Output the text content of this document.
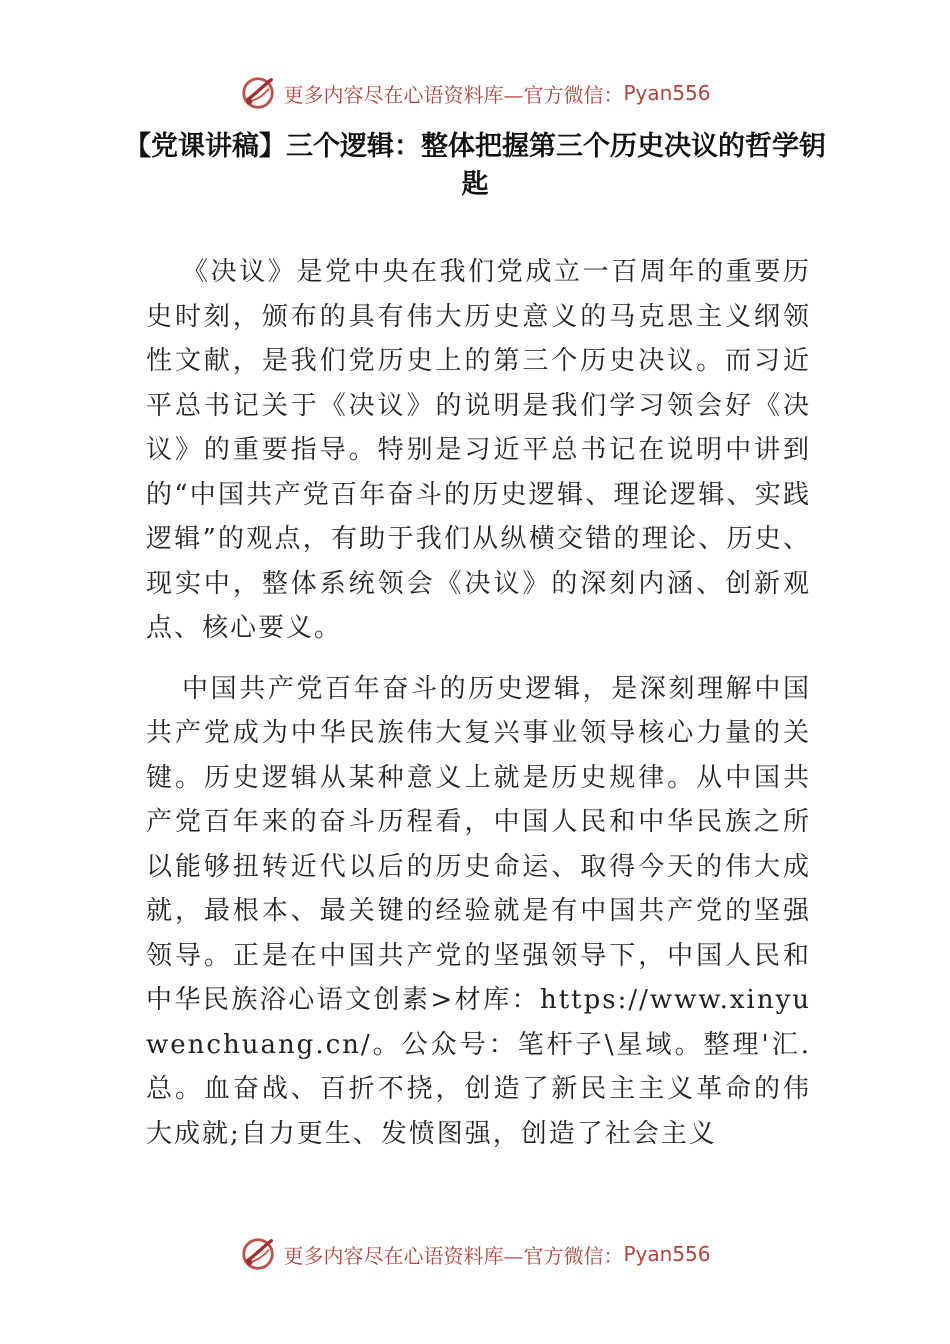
更多内容尽在心语资料库—官方微信： Pyan556
【党课讲稿】三个逻辑：整体把握第三个历史决议的哲学钥匙

《决议》是党中央在我们党成立一百周年的重要历史时刻，颁布的具有伟大历史意义的马克思主义纲领性文献，是我们党历史上的第三个历史决议。而习近平总书记关于《决议》的说明是我们学习领会好《决议》的重要指导。特别是习近平总书记在说明中讲到的“中国共产党百年奋斗的历史逻辑、理论逻辑、实践逻辑”的观点，有助于我们从纵横交错的理论、历史、现实中，整体系统领会《决议》的深刻内涵、创新观点、核心要义。

中国共产党百年奋斗的历史逻辑，是深刻理解中国共产党成为中华民族伟大复兴事业领导核心力量的关键。历史逻辑从某种意义上就是历史规律。从中国共产党百年来的奋斗历程看，中国人民和中华民族之所以能够扭转近代以后的历史命运、取得今天的伟大成就，最根本、最关键的经验就是有中国共产党的坚强领导。正是在中国共产党的坚强领导下，中国人民和中华民族浴心语文创素>材库：https://www.xinyuwenchuang.cn/。公众号：笔杆子\星域。整理'汇.总。血奋战、百折不挠，创造了新民主主义革命的伟大成就;自力更生、发愤图强，创造了社会主义

更多内容尽在心语资料库—官方微信： Pyan556
